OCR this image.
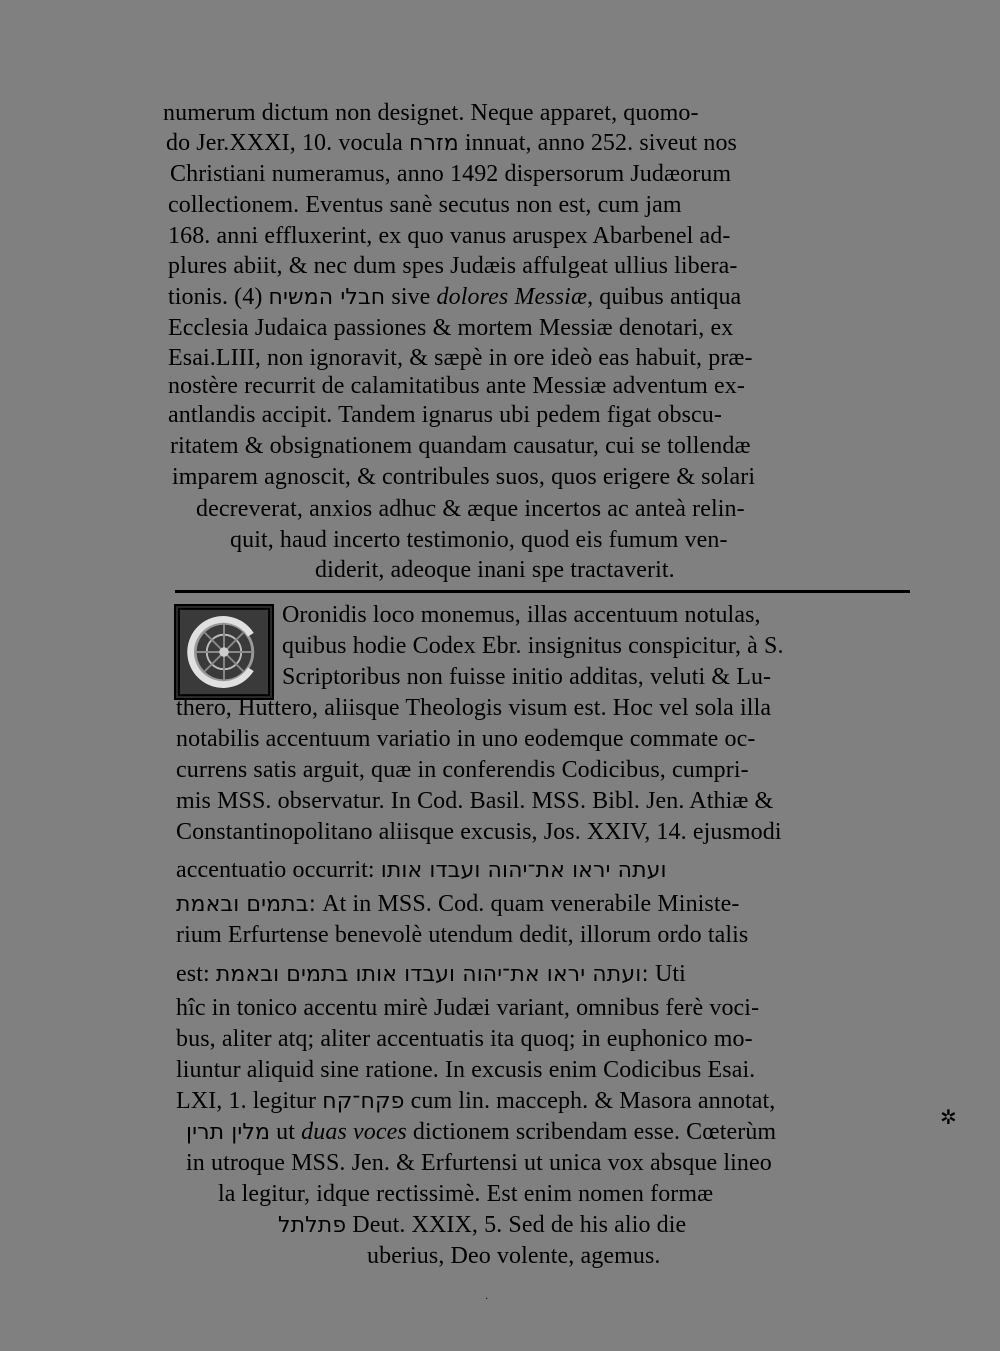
numerum dictum non designet. Neque apparet, quomo-
do Jer.XXXI, 10. vocula מזרח innuat, anno 252. siveut nos
Christiani numeramus, anno 1492 dispersorum Judæorum
collectionem. Eventus sanè secutus non est, cum jam
168. anni effluxerint, ex quo vanus aruspex Abarbenel ad-
plures abiit, & nec dum spes Judæis affulgeat ullius libera-
tionis. (4) חבלי המשיח sive dolores Messiæ, quibus antiqua
Ecclesia Judaica passiones & mortem Messiæ denotari, ex
Esai.LIII, non ignoravit, & sæpè in ore ideò eas habuit, præ-
nostère recurrit de calamitatibus ante Messiæ adventum ex-
antlandis accipit. Tandem ignarus ubi pedem figat obscu-
ritatem & obsignationem quandam causatur, cui se tollendæ
imparem agnoscit, & contribules suos, quos erigere & solari
decreverat, anxios adhuc & æque incertos ac anteà relin-
quit, haud incerto testimonio, quod eis fumum ven-
diderit, adeoque inani spe tractaverit.
Oronidis loco monemus, illas accentuum notulas,
quibus hodie Codex Ebr. insignitus conspicitur, à S.
Scriptoribus non fuisse initio additas, veluti & Lu-
thero, Huttero, aliisque Theologis visum est. Hoc vel sola illa
notabilis accentuum variatio in uno eodemque commate oc-
currens satis arguit, quæ in conferendis Codicibus, cumpri-
mis MSS. observatur. In Cod. Basil. MSS. Bibl. Jen. Athiæ &
Constantinopolitano aliisque excusis, Jos. XXIV, 14. ejusmodi
accentuatio occurrit: ועתה יראו את־יהוה ועבדו אותו
בתמים ובאמת: At in MSS. Cod. quam venerabile Ministe-
rium Erfurtense benevolè utendum dedit, illorum ordo talis
est: ועתה יראו את־יהוה ועבדו אותו בתמים ובאמת: Uti
hîc in tonico accentu mirè Judæi variant, omnibus ferè voci-
bus, aliter atq; aliter accentuatis ita quoq; in euphonico mo-
liuntur aliquid sine ratione. In excusis enim Codicibus Esai.
LXI, 1. legitur פקח־קח cum lin. macceph. & Masora annotat,
מלין תרין ut duas voces dictionem scribendam esse. Cœterùm
in utroque MSS. Jen. & Erfurtensi ut unica vox absque lineo
la legitur, idque rectissimè. Est enim nomen formæ
פתלתל Deut. XXIX, 5. Sed de his alio die
uberius, Deo volente, agemus.
✲
·
